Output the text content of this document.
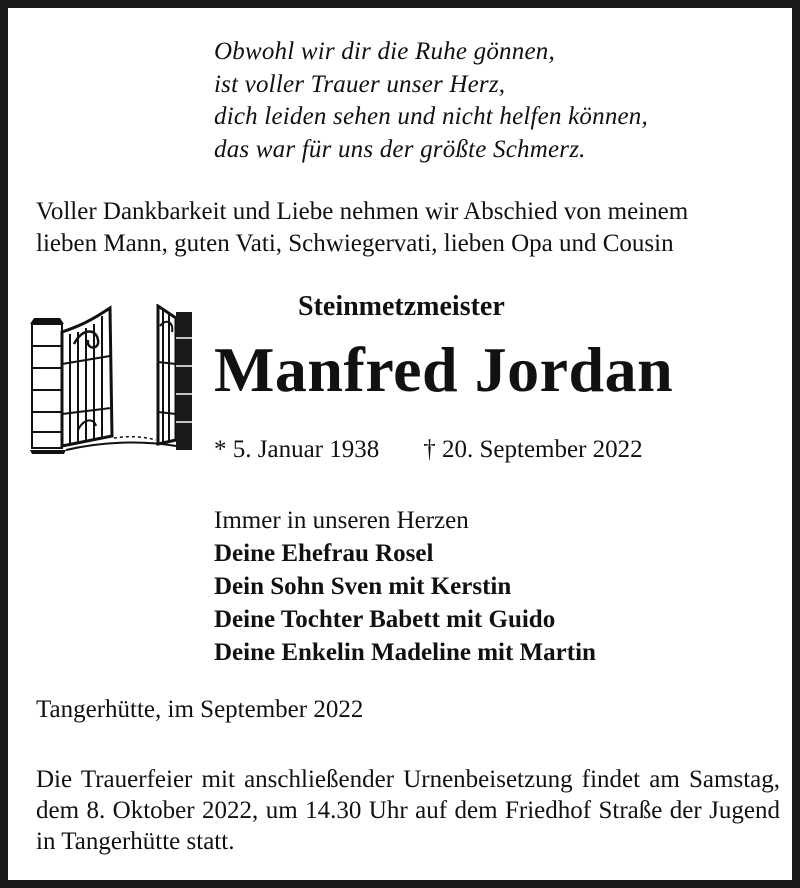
Obwohl wir dir die Ruhe gönnen,
ist voller Trauer unser Herz,
dich leiden sehen und nicht helfen können,
das war für uns der größte Schmerz.
Voller Dankbarkeit und Liebe nehmen wir Abschied von meinem
lieben Mann, guten Vati, Schwiegervati, lieben Opa und Cousin
Steinmetzmeister
Manfred Jordan
* 5. Januar 1938 † 20. September 2022
Immer in unseren Herzen
Deine Ehefrau Rosel
Dein Sohn Sven mit Kerstin
Deine Tochter Babett mit Guido
Deine Enkelin Madeline mit Martin
Tangerhütte, im September 2022
Die Trauerfeier mit anschließender Urnenbeisetzung findet am Samstag, dem 8. Oktober 2022, um 14.30 Uhr auf dem Friedhof Straße der Jugend in Tangerhütte statt.
